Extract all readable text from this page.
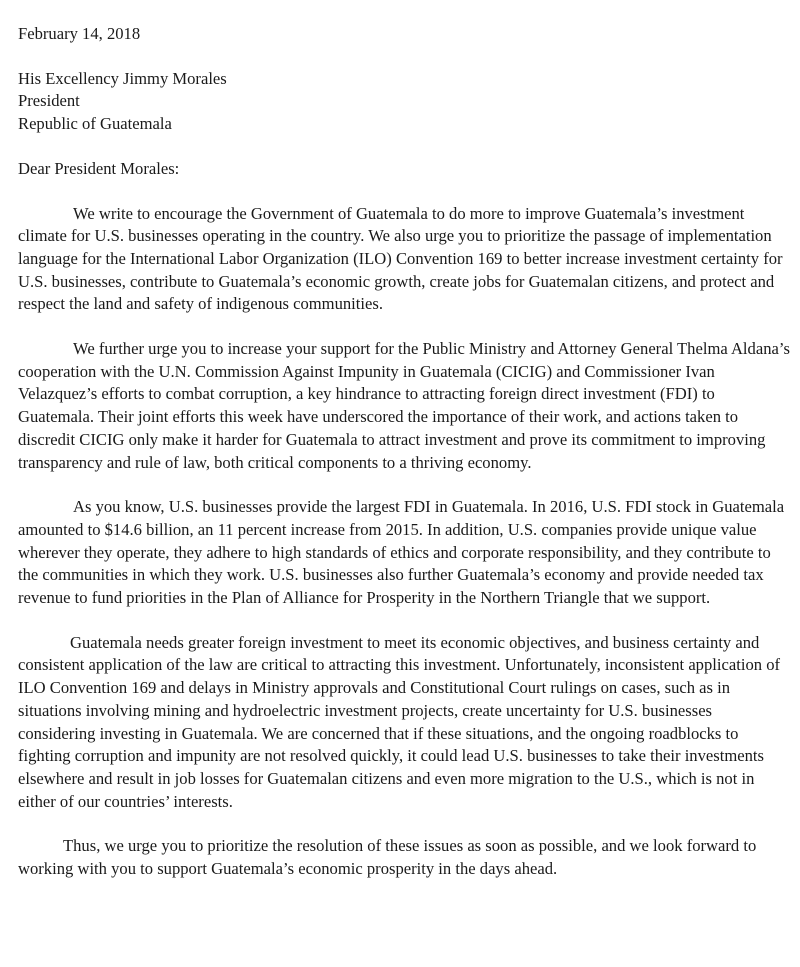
February 14, 2018
His Excellency Jimmy Morales
President
Republic of Guatemala
Dear President Morales:

We write to encourage the Government of Guatemala to do more to improve Guatemala’s investment climate for U.S. businesses operating in the country. We also urge you to prioritize the passage of implementation language for the International Labor Organization (ILO) Convention 169 to better increase investment certainty for U.S. businesses, contribute to Guatemala’s economic growth, create jobs for Guatemalan citizens, and protect and respect the land and safety of indigenous communities.

We further urge you to increase your support for the Public Ministry and Attorney General Thelma Aldana’s cooperation with the U.N. Commission Against Impunity in Guatemala (CICIG) and Commissioner Ivan Velazquez’s efforts to combat corruption, a key hindrance to attracting foreign direct investment (FDI) to Guatemala. Their joint efforts this week have underscored the importance of their work, and actions taken to discredit CICIG only make it harder for Guatemala to attract investment and prove its commitment to improving transparency and rule of law, both critical components to a thriving economy.

As you know, U.S. businesses provide the largest FDI in Guatemala. In 2016, U.S. FDI stock in Guatemala amounted to $14.6 billion, an 11 percent increase from 2015. In addition, U.S. companies provide unique value wherever they operate, they adhere to high standards of ethics and corporate responsibility, and they contribute to the communities in which they work. U.S. businesses also further Guatemala’s economy and provide needed tax revenue to fund priorities in the Plan of Alliance for Prosperity in the Northern Triangle that we support.

Guatemala needs greater foreign investment to meet its economic objectives, and business certainty and consistent application of the law are critical to attracting this investment. Unfortunately, inconsistent application of ILO Convention 169 and delays in Ministry approvals and Constitutional Court rulings on cases, such as in situations involving mining and hydroelectric investment projects, create uncertainty for U.S. businesses considering investing in Guatemala. We are concerned that if these situations, and the ongoing roadblocks to fighting corruption and impunity are not resolved quickly, it could lead U.S. businesses to take their investments elsewhere and result in job losses for Guatemalan citizens and even more migration to the U.S., which is not in either of our countries’ interests.

Thus, we urge you to prioritize the resolution of these issues as soon as possible, and we look forward to working with you to support Guatemala’s economic prosperity in the days ahead.
